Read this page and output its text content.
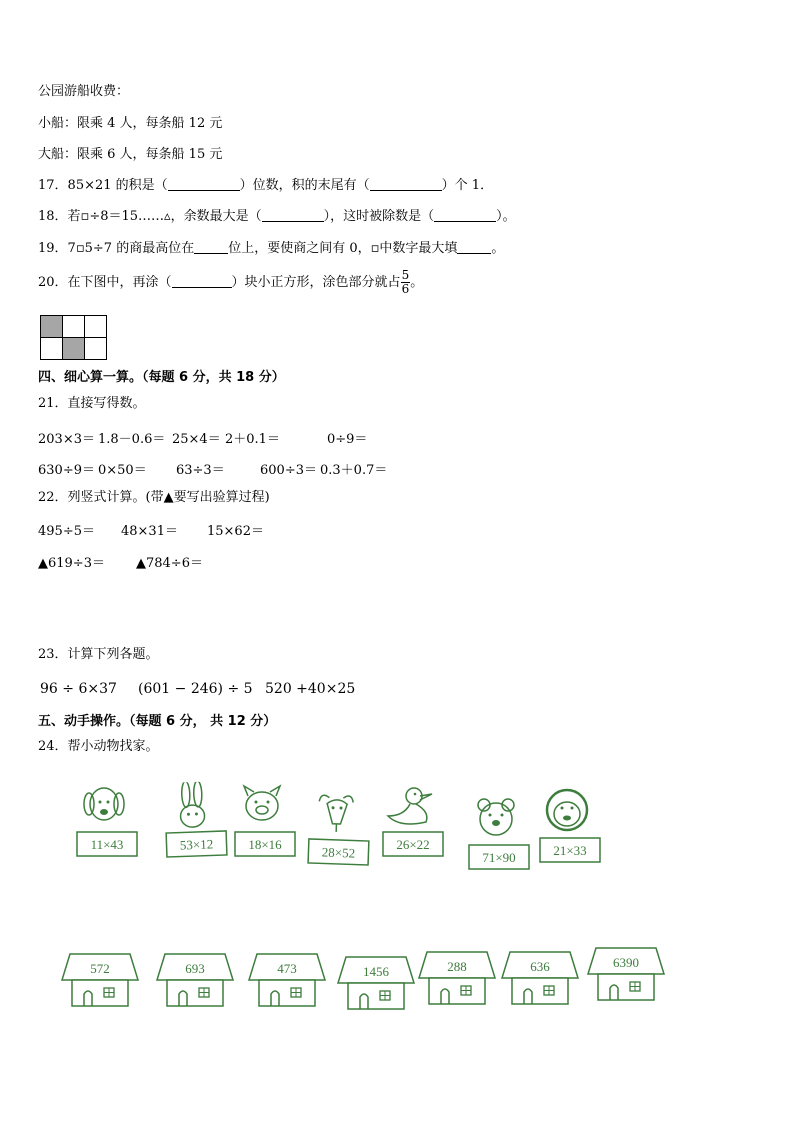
公园游船收费：
小船：限乘 4 人，每条船 12 元
大船：限乘 6 人，每条船 15 元
17．85×21 的积是（	）位数，积的末尾有（	）个 1．
18．若▫÷8＝15……▵，余数最大是（	），这时被除数是（	）。
19．7▫5÷7 的商最高位在	位上，要使商之间有 0，▫中数字最大填	。
20．在下图中，再涂（	）块小正方形，涂色部分就占 $\frac{5}{6}$ 。

四、细心算一算。（每题 6 分，共 18 分）
21．直接写得数。
203×3＝ 1.8－0.6＝ 25×4＝ 2＋0.1＝	0÷9＝
630÷9＝ 0×50＝ 63÷3＝	600÷3＝ 0.3＋0.7＝
22．列竖式计算。(带▲要写出验算过程)
495÷5＝ 48×31＝ 15×62＝
▲619÷3＝ ▲784÷6＝
23．计算下列各题。
96 ÷ 6×37 (601 − 246) ÷ 5 520 +40×25
五、动手操作。（每题 6 分， 共 12 分）
24．帮小动物找家。
11×43	53×12	18×16	28×52	26×22
71×90	21×33
572	693	473	1456	288	636	6390
